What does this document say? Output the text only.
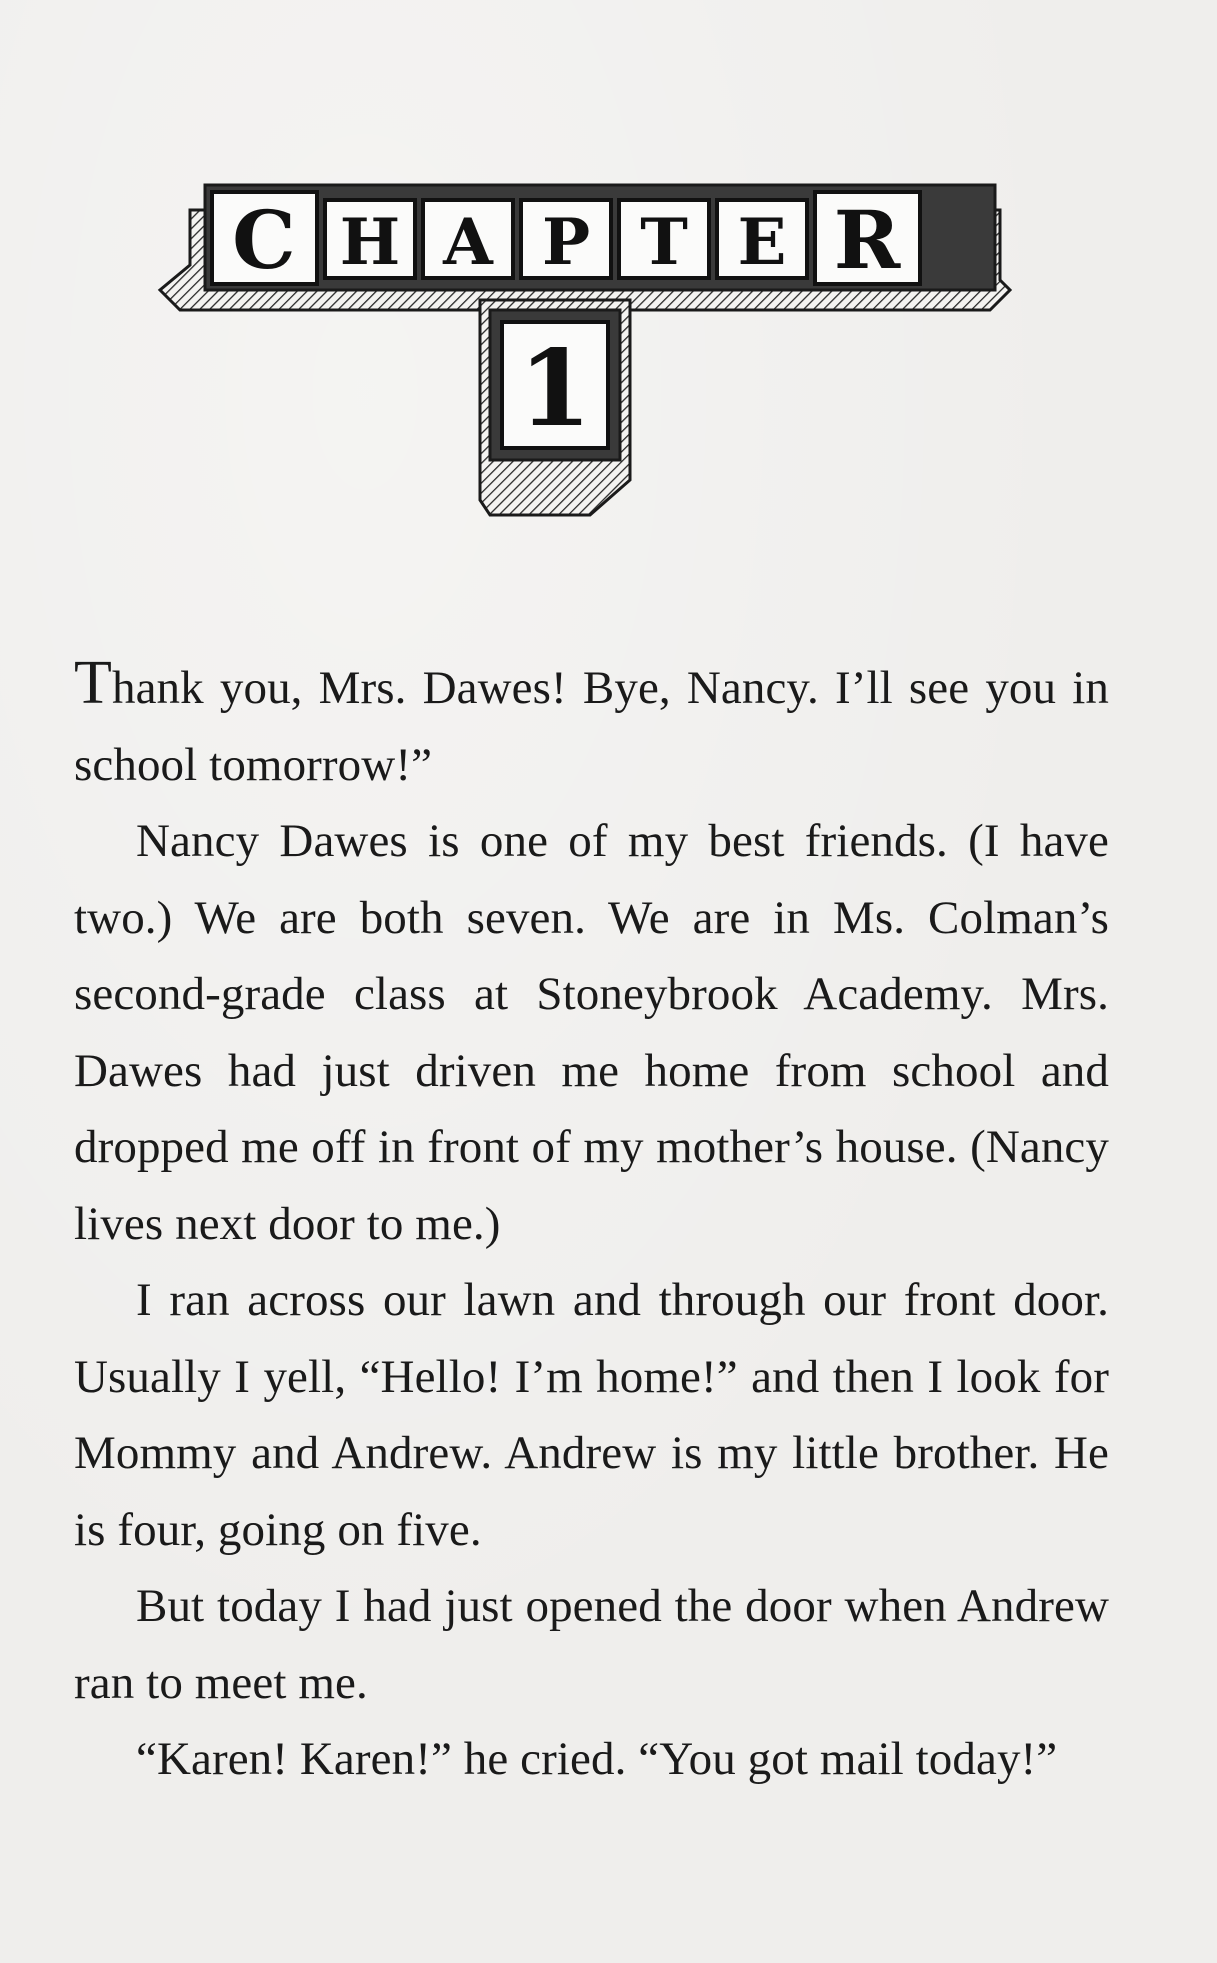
C H A P T E R
1

Thank you, Mrs. Dawes! Bye, Nancy. I’ll see you in school tomorrow!”

Nancy Dawes is one of my best friends. (I have two.) We are both seven. We are in Ms. Colman’s second-grade class at Stoneybrook Academy. Mrs. Dawes had just driven me home from school and dropped me off in front of my mother’s house. (Nancy lives next door to me.)

I ran across our lawn and through our front door. Usually I yell, “Hello! I’m home!” and then I look for Mommy and Andrew. Andrew is my little brother. He is four, going on five.

But today I had just opened the door when Andrew ran to meet me.

“Karen! Karen!” he cried. “You got mail today!”
